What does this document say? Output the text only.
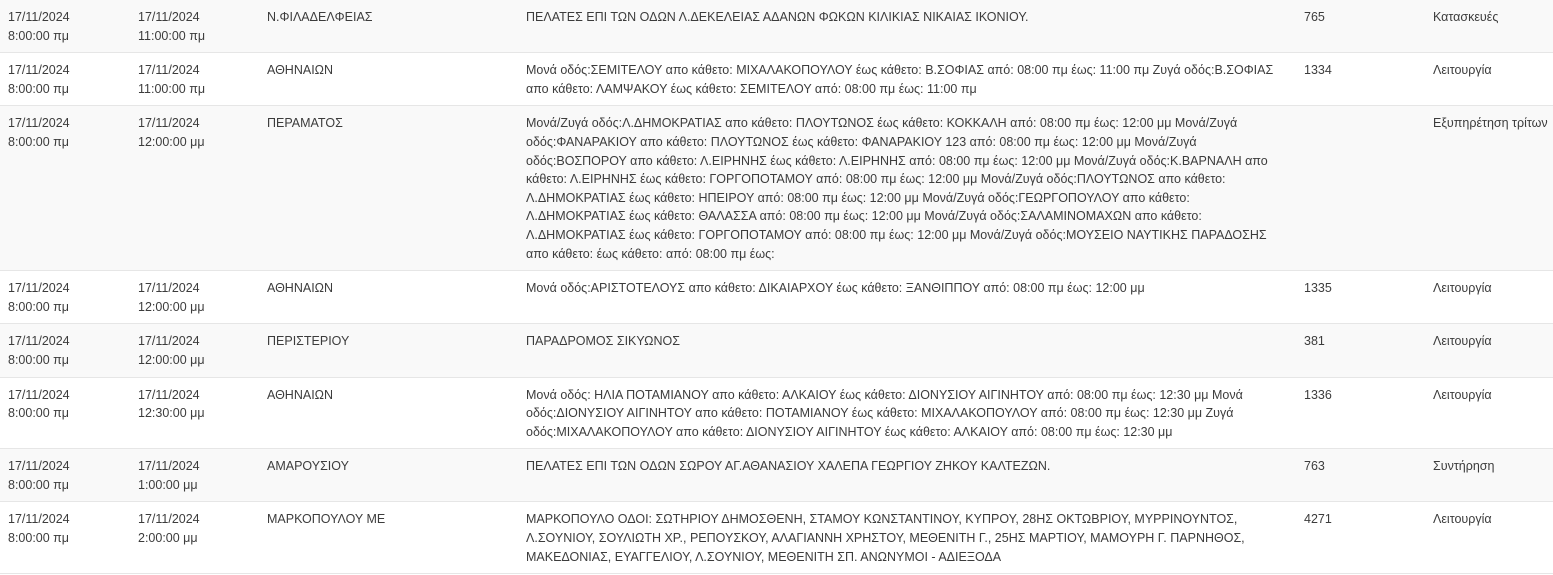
17/11/2024
8:00:00 πμ	17/11/2024
11:00:00 πμ	Ν.ΦΙΛΑΔΕΛΦΕΙΑΣ	ΠΕΛΑΤΕΣ ΕΠΙ ΤΩΝ ΟΔΩΝ Λ.ΔΕΚΕΛΕΙΑΣ ΑΔΑΝΩΝ ΦΩΚΩΝ ΚΙΛΙΚΙΑΣ ΝΙΚΑΙΑΣ ΙΚΟΝΙΟΥ.	765	Κατασκευές
17/11/2024
8:00:00 πμ	17/11/2024
11:00:00 πμ	ΑΘΗΝΑΙΩΝ	Μονά οδός:ΣΕΜΙΤΕΛΟΥ απο κάθετο: ΜΙΧΑΛΑΚΟΠΟΥΛΟΥ έως κάθετο: Β.ΣΟΦΙΑΣ από: 08:00 πμ έως: 11:00 πμ Ζυγά οδός:Β.ΣΟΦΙΑΣ απο κάθετο: ΛΑΜΨΑΚΟΥ έως κάθετο: ΣΕΜΙΤΕΛΟΥ από: 08:00 πμ έως: 11:00 πμ	1334	Λειτουργία
17/11/2024
8:00:00 πμ	17/11/2024
12:00:00 μμ	ΠΕΡΑΜΑΤΟΣ	Μονά/Ζυγά οδός:Λ.ΔΗΜΟΚΡΑΤΙΑΣ απο κάθετο: ΠΛΟΥΤΩΝΟΣ έως κάθετο: ΚΟΚΚΑΛΗ από: 08:00 πμ έως: 12:00 μμ Μονά/Ζυγά οδός:ΦΑΝΑΡΑΚΙΟΥ απο κάθετο: ΠΛΟΥΤΩΝΟΣ έως κάθετο: ΦΑΝΑΡΑΚΙΟΥ 123 από: 08:00 πμ έως: 12:00 μμ Μονά/Ζυγά οδός:ΒΟΣΠΟΡΟΥ απο κάθετο: Λ.ΕΙΡΗΝΗΣ έως κάθετο: Λ.ΕΙΡΗΝΗΣ από: 08:00 πμ έως: 12:00 μμ Μονά/Ζυγά οδός:Κ.ΒΑΡΝΑΛΗ απο κάθετο: Λ.ΕΙΡΗΝΗΣ έως κάθετο: ΓΟΡΓΟΠΟΤΑΜΟΥ από: 08:00 πμ έως: 12:00 μμ Μονά/Ζυγά οδός:ΠΛΟΥΤΩΝΟΣ απο κάθετο: Λ.ΔΗΜΟΚΡΑΤΙΑΣ έως κάθετο: ΗΠΕΙΡΟΥ από: 08:00 πμ έως: 12:00 μμ Μονά/Ζυγά οδός:ΓΕΩΡΓΟΠΟΥΛΟΥ απο κάθετο: Λ.ΔΗΜΟΚΡΑΤΙΑΣ έως κάθετο: ΘΑΛΑΣΣΑ από: 08:00 πμ έως: 12:00 μμ Μονά/Ζυγά οδός:ΣΑΛΑΜΙΝΟΜΑΧΩΝ απο κάθετο: Λ.ΔΗΜΟΚΡΑΤΙΑΣ έως κάθετο: ΓΟΡΓΟΠΟΤΑΜΟΥ από: 08:00 πμ έως: 12:00 μμ Μονά/Ζυγά οδός:ΜΟΥΣΕΙΟ ΝΑΥΤΙΚΗΣ ΠΑΡΑΔΟΣΗΣ απο κάθετο: έως κάθετο: από: 08:00 πμ έως:		Εξυπηρέτηση τρίτων
17/11/2024
8:00:00 πμ	17/11/2024
12:00:00 μμ	ΑΘΗΝΑΙΩΝ	Μονά οδός:ΑΡΙΣΤΟΤΕΛΟΥΣ απο κάθετο: ΔΙΚΑΙΑΡΧΟΥ έως κάθετο: ΞΑΝΘΙΠΠΟΥ από: 08:00 πμ έως: 12:00 μμ	1335	Λειτουργία
17/11/2024
8:00:00 πμ	17/11/2024
12:00:00 μμ	ΠΕΡΙΣΤΕΡΙΟΥ	ΠΑΡΑΔΡΟΜΟΣ ΣΙΚΥΩΝΟΣ	381	Λειτουργία
17/11/2024
8:00:00 πμ	17/11/2024
12:30:00 μμ	ΑΘΗΝΑΙΩΝ	Μονά οδός: ΗΛΙΑ ΠΟΤΑΜΙΑΝΟΥ απο κάθετο: ΑΛΚΑΙΟΥ έως κάθετο: ΔΙΟΝΥΣΙΟΥ ΑΙΓΙΝΗΤΟΥ από: 08:00 πμ έως: 12:30 μμ Μονά οδός:ΔΙΟΝΥΣΙΟΥ ΑΙΓΙΝΗΤΟΥ απο κάθετο: ΠΟΤΑΜΙΑΝΟΥ έως κάθετο: ΜΙΧΑΛΑΚΟΠΟΥΛΟΥ από: 08:00 πμ έως: 12:30 μμ Ζυγά οδός:ΜΙΧΑΛΑΚΟΠΟΥΛΟΥ απο κάθετο: ΔΙΟΝΥΣΙΟΥ ΑΙΓΙΝΗΤΟΥ έως κάθετο: ΑΛΚΑΙΟΥ από: 08:00 πμ έως: 12:30 μμ	1336	Λειτουργία
17/11/2024
8:00:00 πμ	17/11/2024
1:00:00 μμ	ΑΜΑΡΟΥΣΙΟΥ	ΠΕΛΑΤΕΣ ΕΠΙ ΤΩΝ ΟΔΩΝ ΣΩΡΟΥ ΑΓ.ΑΘΑΝΑΣΙΟΥ ΧΑΛΕΠΑ ΓΕΩΡΓΙΟΥ ΖΗΚΟΥ ΚΑΛΤΕΖΩΝ.	763	Συντήρηση
17/11/2024
8:00:00 πμ	17/11/2024
2:00:00 μμ	ΜΑΡΚΟΠΟΥΛΟΥ ΜΕ	ΜΑΡΚΟΠΟΥΛΟ ΟΔΟΙ: ΣΩΤΗΡΙΟΥ ΔΗΜΟΣΘΕΝΗ, ΣΤΑΜΟΥ ΚΩΝΣΤΑΝΤΙΝΟΥ, ΚΥΠΡΟΥ, 28ΗΣ ΟΚΤΩΒΡΙΟΥ, ΜΥΡΡΙΝΟΥΝΤΟΣ, Λ.ΣΟΥΝΙΟΥ, ΣΟΥΛΙΩΤΗ ΧΡ., ΡΕΠΟΥΣΚΟΥ, ΑΛΑΓΙΑΝΝΗ ΧΡΗΣΤΟΥ, ΜΕΘΕΝΙΤΗ Γ., 25ΗΣ ΜΑΡΤΙΟΥ, ΜΑΜΟΥΡΗ Γ. ΠΑΡΝΗΘΟΣ, ΜΑΚΕΔΟΝΙΑΣ, ΕΥΑΓΓΕΛΙΟΥ, Λ.ΣΟΥΝΙΟΥ, ΜΕΘΕΝΙΤΗ ΣΠ. ΑΝΩΝΥΜΟΙ - ΑΔΙΕΞΟΔΑ	4271	Λειτουργία
